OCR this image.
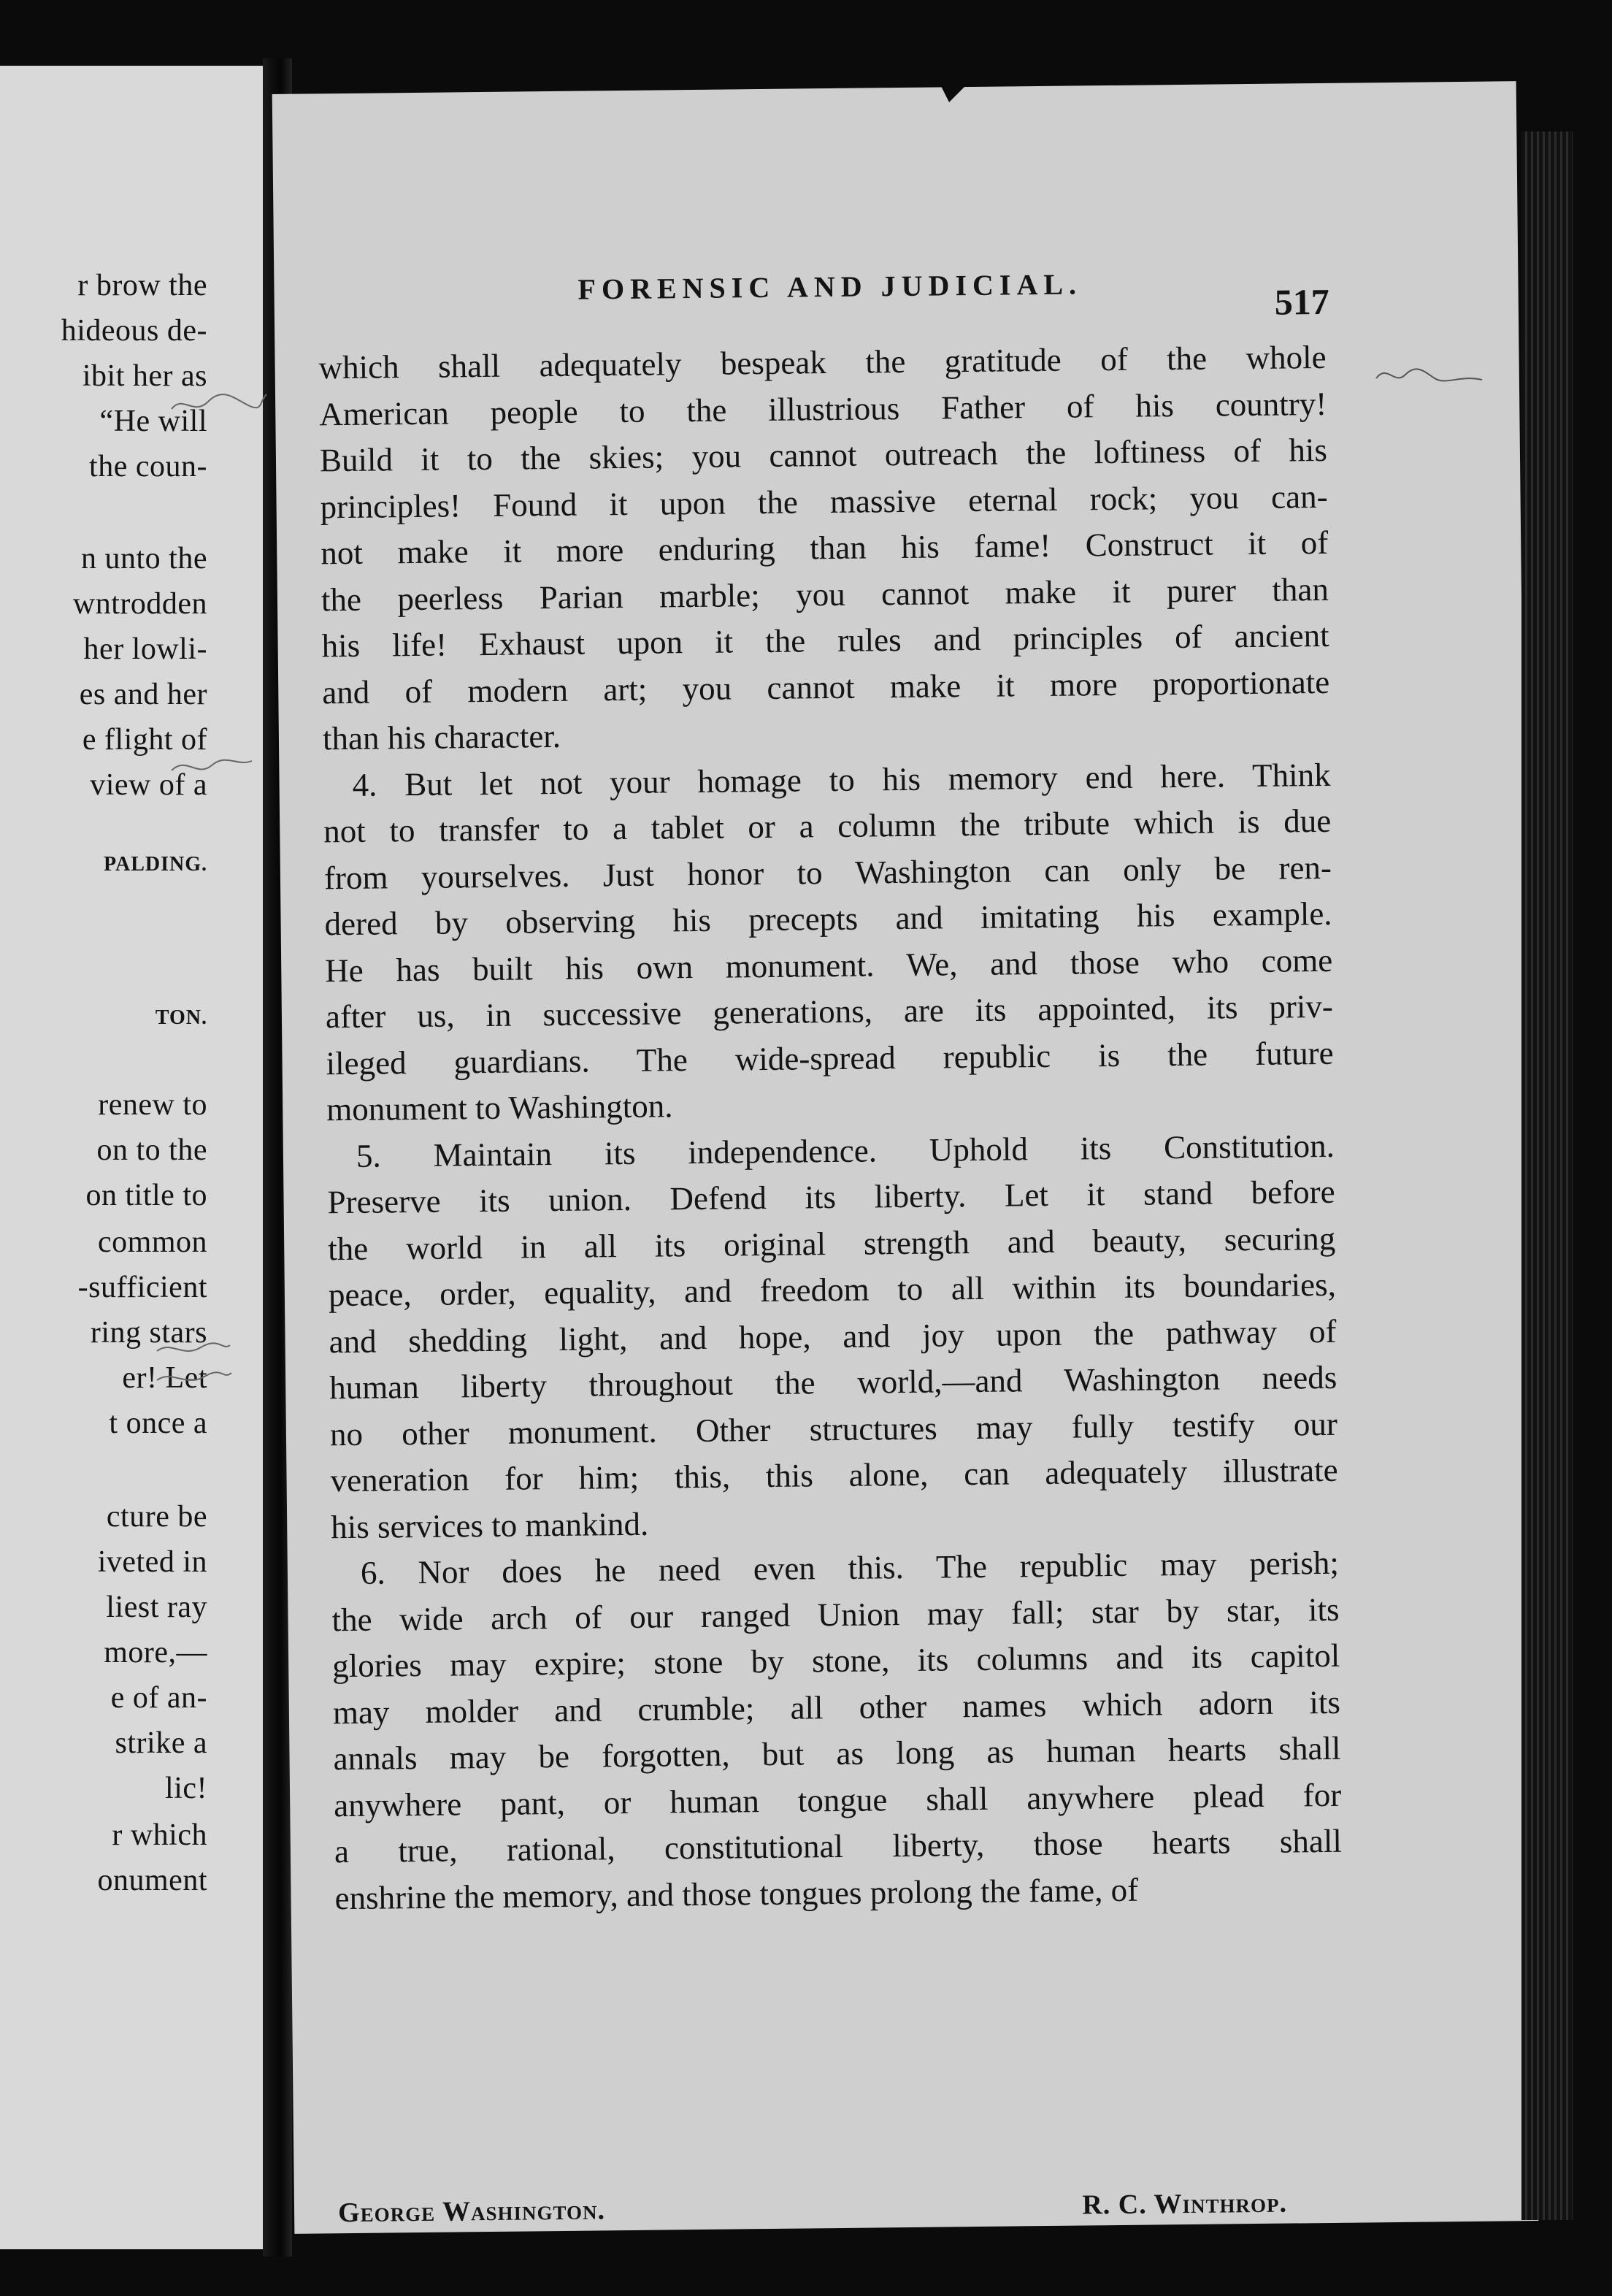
r brow the
hideous de-
ibit her as
“He will
the coun-
n unto the
wntrodden
her lowli-
es and her
e flight of
view of a
PALDING.
TON.
renew to
on to the
on title to
common
-sufficient
ring stars
er! Let
t once a
cture be
iveted in
liest ray
more,—
e of an-
strike a
lic!
r which
onument
FORENSIC AND JUDICIAL.	517
which shall adequately bespeak the gratitude of the whole
American people to the illustrious Father of his country!
Build it to the skies; you cannot outreach the loftiness of his
principles! Found it upon the massive eternal rock; you can-
not make it more enduring than his fame! Construct it of
the peerless Parian marble; you cannot make it purer than
his life! Exhaust upon it the rules and principles of ancient
and of modern art; you cannot make it more proportionate
than his character.
4. But let not your homage to his memory end here. Think
not to transfer to a tablet or a column the tribute which is due
from yourselves. Just honor to Washington can only be ren-
dered by observing his precepts and imitating his example.
He has built his own monument. We, and those who come
after us, in successive generations, are its appointed, its priv-
ileged guardians. The wide-spread republic is the future
monument to Washington.
5. Maintain its independence. Uphold its Constitution.
Preserve its union. Defend its liberty. Let it stand before
the world in all its original strength and beauty, securing
peace, order, equality, and freedom to all within its boundaries,
and shedding light, and hope, and joy upon the pathway of
human liberty throughout the world,—and Washington needs
no other monument. Other structures may fully testify our
veneration for him; this, this alone, can adequately illustrate
his services to mankind.
6. Nor does he need even this. The republic may perish;
the wide arch of our ranged Union may fall; star by star, its
glories may expire; stone by stone, its columns and its capitol
may molder and crumble; all other names which adorn its
annals may be forgotten, but as long as human hearts shall
anywhere pant, or human tongue shall anywhere plead for
a true, rational, constitutional liberty, those hearts shall
enshrine the memory, and those tongues prolong the fame, of
George Washington.	R. C. Winthrop.
